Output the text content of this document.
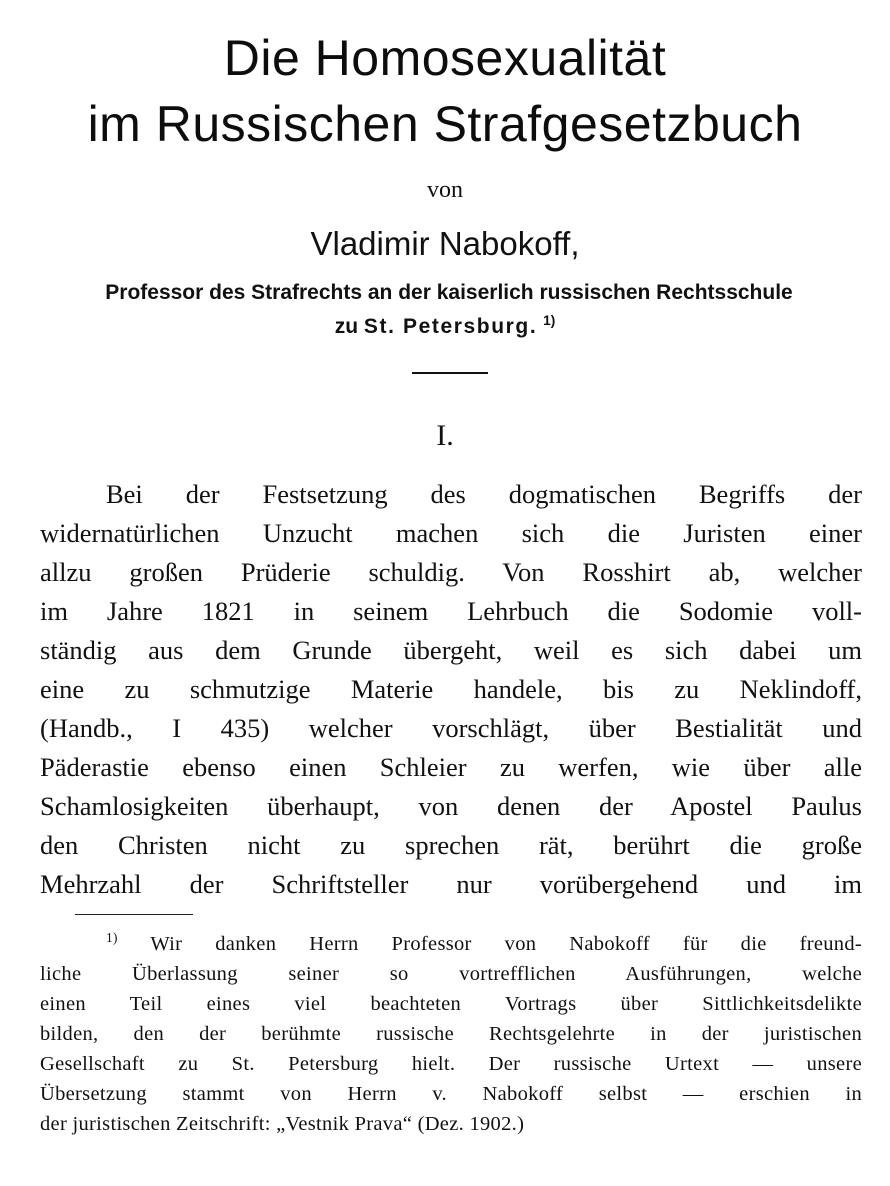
Die Homosexualität
im Russischen Strafgesetzbuch
von
Vladimir Nabokoff,
Professor des Strafrechts an der kaiserlich russischen Rechtsschule
zu St. Petersburg. $^{1)}$
I.
Bei der Festsetzung des dogmatischen Begriffs der
widernatürlichen Unzucht machen sich die Juristen einer
allzu großen Prüderie schuldig. Von Rosshirt ab, welcher
im Jahre 1821 in seinem Lehrbuch die Sodomie voll-
ständig aus dem Grunde übergeht, weil es sich dabei um
eine zu schmutzige Materie handele, bis zu Neklindoff,
(Handb., I 435) welcher vorschlägt, über Bestialität und
Päderastie ebenso einen Schleier zu werfen, wie über alle
Schamlosigkeiten überhaupt, von denen der Apostel Paulus
den Christen nicht zu sprechen rät, berührt die große
Mehrzahl der Schriftsteller nur vorübergehend und im
$^{1)}$ Wir danken Herrn Professor von Nabokoff für die freund-
liche Überlassung seiner so vortrefflichen Ausführungen, welche
einen Teil eines viel beachteten Vortrags über Sittlichkeitsdelikte
bilden, den der berühmte russische Rechtsgelehrte in der juristischen
Gesellschaft zu St. Petersburg hielt. Der russische Urtext — unsere
Übersetzung stammt von Herrn v. Nabokoff selbst — erschien in
der juristischen Zeitschrift: „Vestnik Prava“ (Dez. 1902.)
